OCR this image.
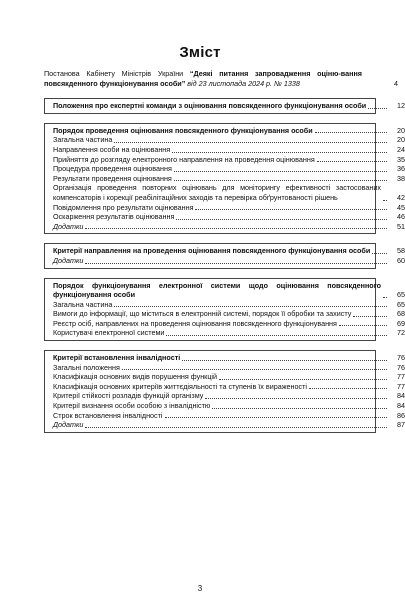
Зміст
Постанова Кабінету Міністрів України “Деякі питання запровадження оціню-вання повсякденного функціонування особи” від 23 листопада 2024 р. № 1338	4
Положення про експертні команди з оцінювання повсякденного функціонування особи	12
Порядок проведення оцінювання повсякденного функціонування особи	20
Загальна частина	20
Направлення особи на оцінювання	24
Прийняття до розгляду електронного направлення на проведення оцінювання	35
Процедура проведення оцінювання	36
Результати проведення оцінювання	38
Організація проведення повторних оцінювань для моніторингу ефективності застосованих компенсаторів і корекції реабілітаційних заходів та перевірка обґрунтованості рішень	42
Повідомлення про результати оцінювання	45
Оскарження результатів оцінювання	46
Додатки	51
Критерії направлення на проведення оцінювання повсякденного функціонування особи	58
Додатки	60
Порядок функціонування електронної системи щодо оцінювання повсякденного функціонування особи	65
Загальна частина	65
Вимоги до інформації, що міститься в електронній системі, порядок її обробки та захисту	68
Реєстр осіб, направлених на проведення оцінювання повсякденного функціонування	69
Користувачі електронної системи	72
Критерії встановлення інвалідності	76
Загальні положення	76
Класифікація основних видів порушення функцій	77
Класифікація основних критеріїв життєдіяльності та ступенів їх вираженості	77
Критерії стійкості розладів функцій організму	84
Критерії визнання особи особою з інвалідністю	84
Строк встановлення інвалідності	86
Додатки	87
3
